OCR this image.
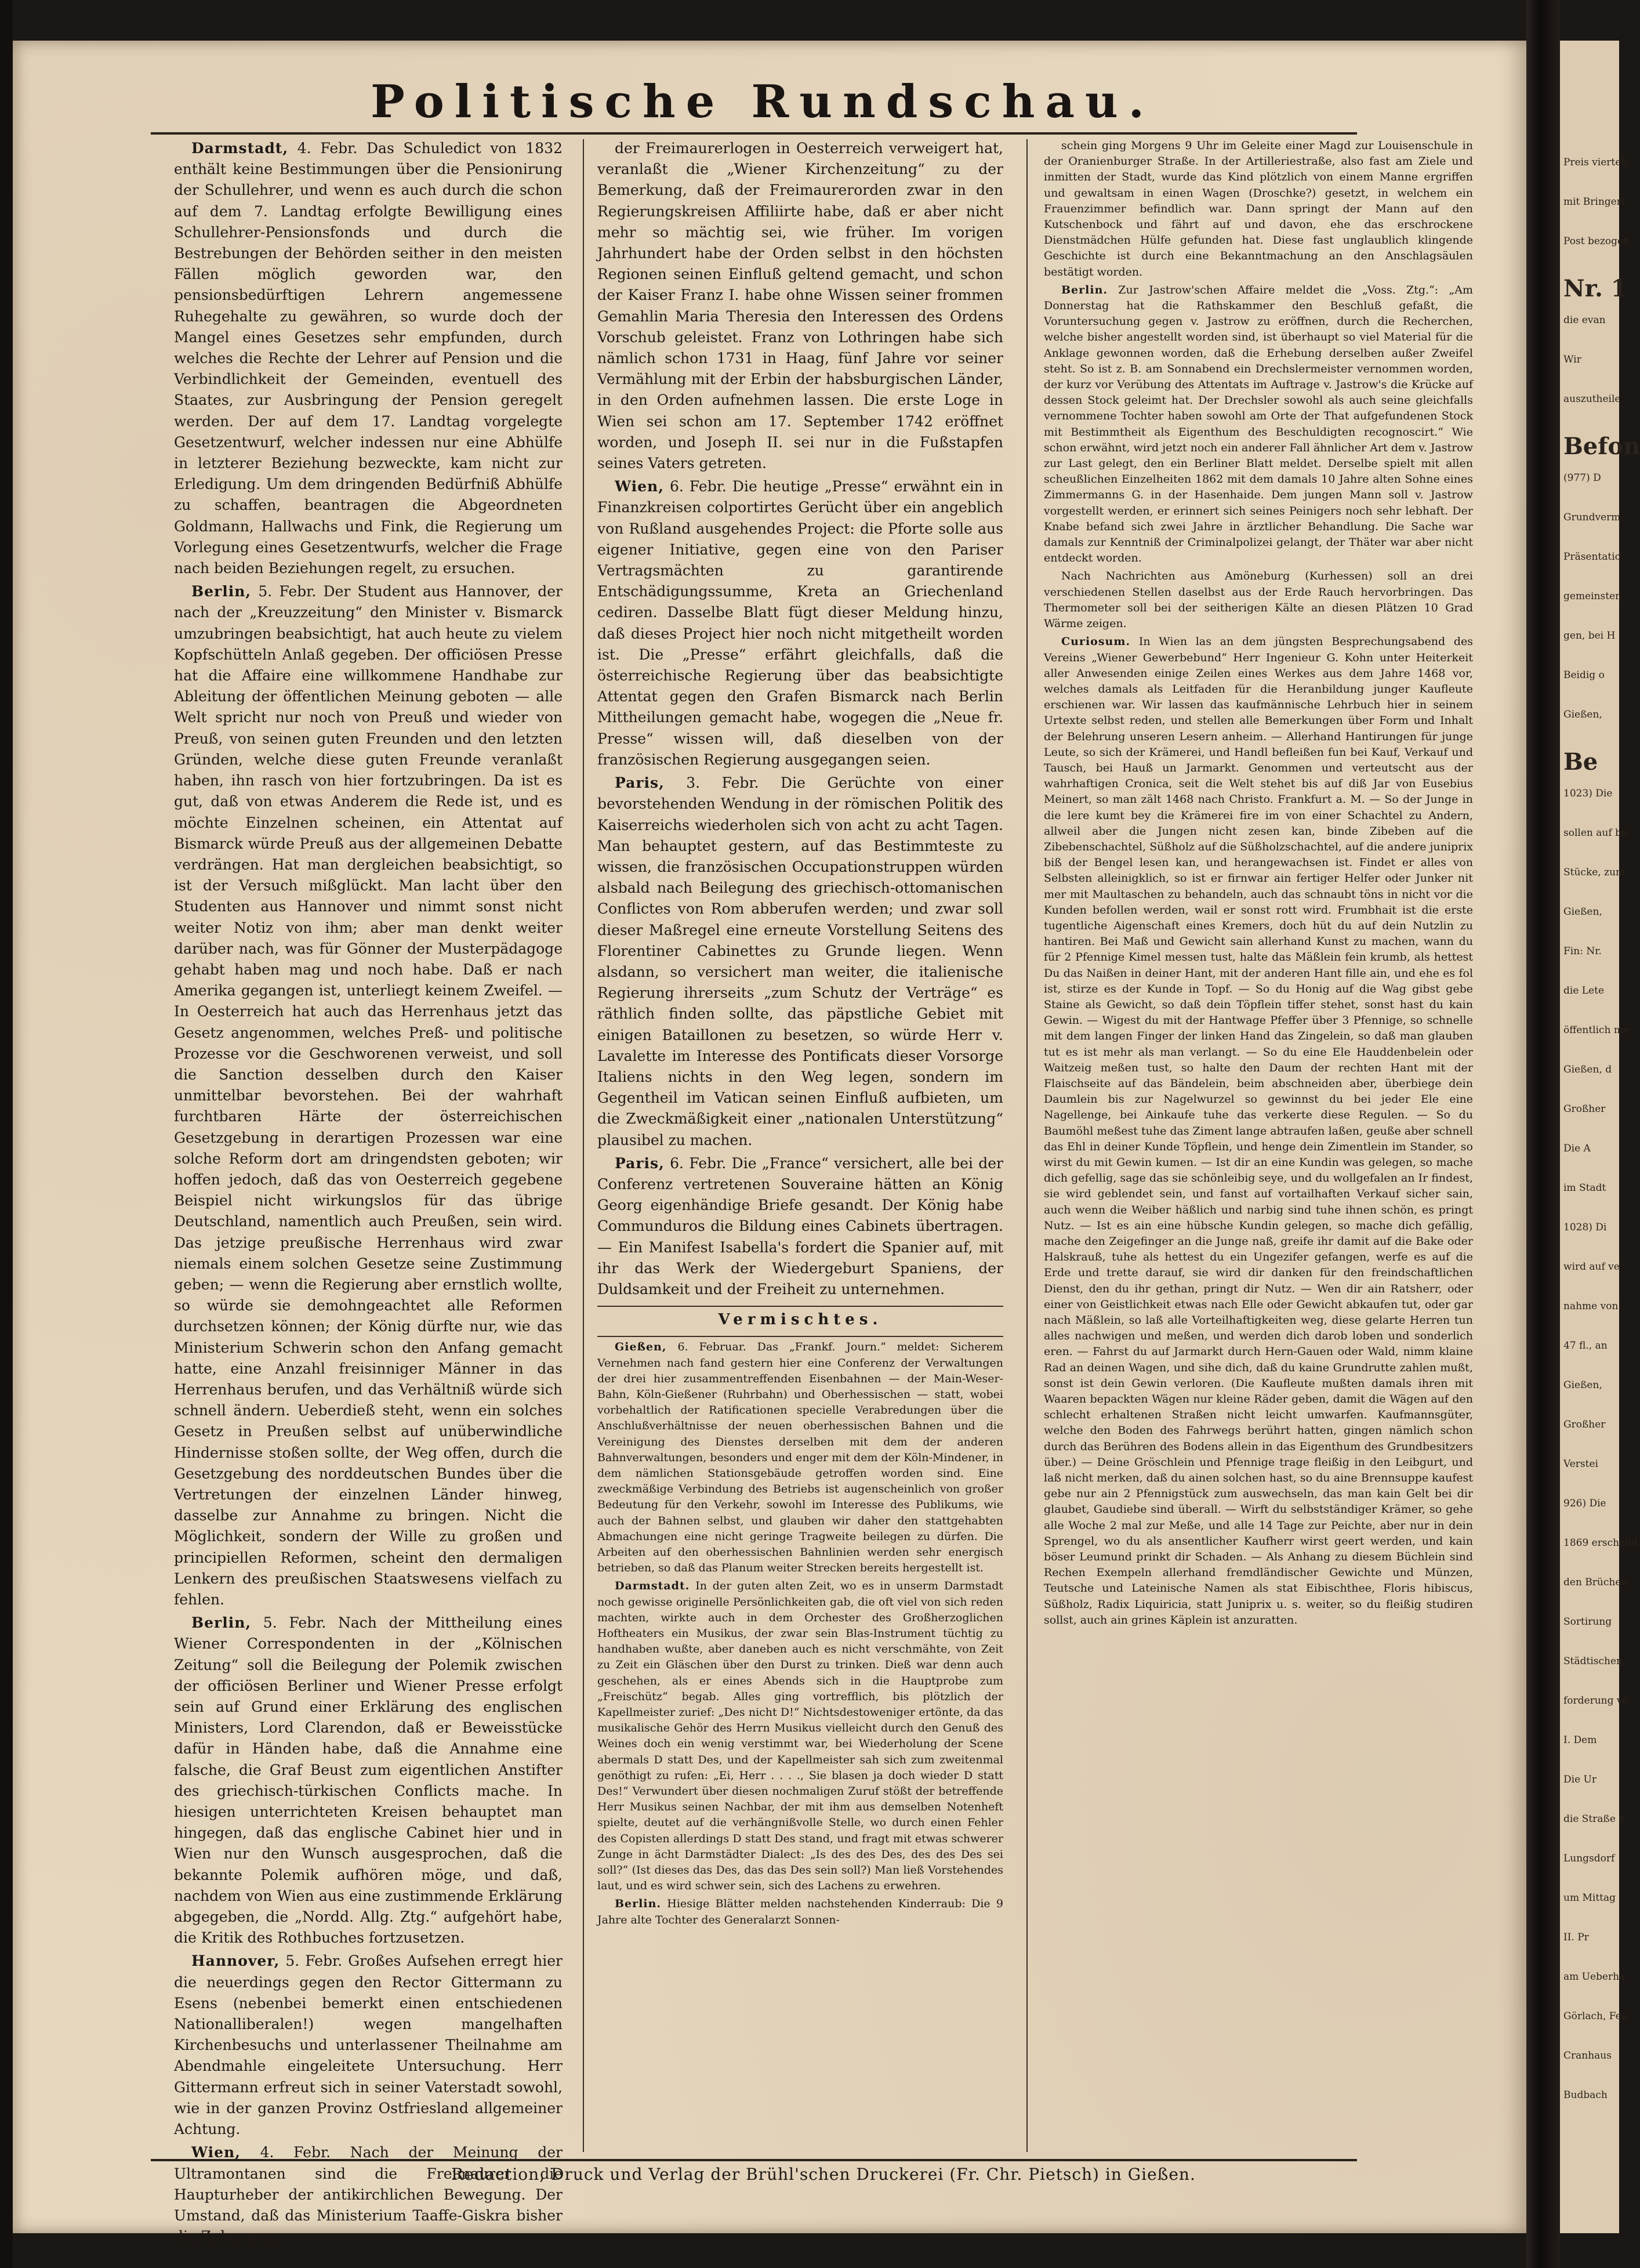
Politische Rundschau.

Darmstadt, 4. Febr. Das Schuledict von 1832 enthält keine Bestimmungen über die Pensionirung der Schullehrer, und wenn es auch durch die schon auf dem 7. Landtag erfolgte Bewilligung eines Schullehrer-Pensionsfonds und durch die Bestrebungen der Behörden seither in den meisten Fällen möglich geworden war, den pensionsbedürftigen Lehrern angemessene Ruhegehalte zu gewähren, so wurde doch der Mangel eines Gesetzes sehr empfunden, durch welches die Rechte der Lehrer auf Pension und die Verbindlichkeit der Gemeinden, eventuell des Staates, zur Ausbringung der Pension geregelt werden. Der auf dem 17. Landtag vorgelegte Gesetzentwurf, welcher indessen nur eine Abhülfe in letzterer Beziehung bezweckte, kam nicht zur Erledigung. Um dem dringenden Bedürfniß Abhülfe zu schaffen, beantragen die Abgeordneten Goldmann, Hallwachs und Fink, die Regierung um Vorlegung eines Gesetzentwurfs, welcher die Frage nach beiden Beziehungen regelt, zu ersuchen.

Berlin, 5. Febr. Der Student aus Hannover, der nach der „Kreuzzeitung“ den Minister v. Bismarck umzubringen beabsichtigt, hat auch heute zu vielem Kopfschütteln Anlaß gegeben. Der officiösen Presse hat die Affaire eine willkommene Handhabe zur Ableitung der öffentlichen Meinung geboten — alle Welt spricht nur noch von Preuß und wieder von Preuß, von seinen guten Freunden und den letzten Gründen, welche diese guten Freunde veranlaßt haben, ihn rasch von hier fortzubringen. Da ist es gut, daß von etwas Anderem die Rede ist, und es möchte Einzelnen scheinen, ein Attentat auf Bismarck würde Preuß aus der allgemeinen Debatte verdrängen. Hat man dergleichen beabsichtigt, so ist der Versuch mißglückt. Man lacht über den Studenten aus Hannover und nimmt sonst nicht weiter Notiz von ihm; aber man denkt weiter darüber nach, was für Gönner der Musterpädagoge gehabt haben mag und noch habe. Daß er nach Amerika gegangen ist, unterliegt keinem Zweifel. — In Oesterreich hat auch das Herrenhaus jetzt das Gesetz angenommen, welches Preß- und politische Prozesse vor die Geschworenen verweist, und soll die Sanction desselben durch den Kaiser unmittelbar bevorstehen. Bei der wahrhaft furchtbaren Härte der österreichischen Gesetzgebung in derartigen Prozessen war eine solche Reform dort am dringendsten geboten; wir hoffen jedoch, daß das von Oesterreich gegebene Beispiel nicht wirkungslos für das übrige Deutschland, namentlich auch Preußen, sein wird. Das jetzige preußische Herrenhaus wird zwar niemals einem solchen Gesetze seine Zustimmung geben; — wenn die Regierung aber ernstlich wollte, so würde sie demohngeachtet alle Reformen durchsetzen können; der König dürfte nur, wie das Ministerium Schwerin schon den Anfang gemacht hatte, eine Anzahl freisinniger Männer in das Herrenhaus berufen, und das Verhältniß würde sich schnell ändern. Ueberdieß steht, wenn ein solches Gesetz in Preußen selbst auf unüberwindliche Hindernisse stoßen sollte, der Weg offen, durch die Gesetzgebung des norddeutschen Bundes über die Vertretungen der einzelnen Länder hinweg, dasselbe zur Annahme zu bringen. Nicht die Möglichkeit, sondern der Wille zu großen und principiellen Reformen, scheint den dermaligen Lenkern des preußischen Staatswesens vielfach zu fehlen.

Berlin, 5. Febr. Nach der Mittheilung eines Wiener Correspondenten in der „Kölnischen Zeitung“ soll die Beilegung der Polemik zwischen der officiösen Berliner und Wiener Presse erfolgt sein auf Grund einer Erklärung des englischen Ministers, Lord Clarendon, daß er Beweisstücke dafür in Händen habe, daß die Annahme eine falsche, die Graf Beust zum eigentlichen Anstifter des griechisch-türkischen Conflicts mache. In hiesigen unterrichteten Kreisen behauptet man hingegen, daß das englische Cabinet hier und in Wien nur den Wunsch ausgesprochen, daß die bekannte Polemik aufhören möge, und daß, nachdem von Wien aus eine zustimmende Erklärung abgegeben, die „Nordd. Allg. Ztg.“ aufgehört habe, die Kritik des Rothbuches fortzusetzen.

Hannover, 5. Febr. Großes Aufsehen erregt hier die neuerdings gegen den Rector Gittermann zu Esens (nebenbei bemerkt einen entschiedenen Nationalliberalen!) wegen mangelhaften Kirchenbesuchs und unterlassener Theilnahme am Abendmahle eingeleitete Untersuchung. Herr Gittermann erfreut sich in seiner Vaterstadt sowohl, wie in der ganzen Provinz Ostfriesland allgemeiner Achtung.

Wien, 4. Febr. Nach der Meinung der Ultramontanen sind die Freimaurer die Haupturheber der antikirchlichen Bewegung. Der Umstand, daß das Ministerium Taaffe-Giskra bisher die Zulassung

der Freimaurerlogen in Oesterreich verweigert hat, veranlaßt die „Wiener Kirchenzeitung“ zu der Bemerkung, daß der Freimaurerorden zwar in den Regierungskreisen Affiliirte habe, daß er aber nicht mehr so mächtig sei, wie früher. Im vorigen Jahrhundert habe der Orden selbst in den höchsten Regionen seinen Einfluß geltend gemacht, und schon der Kaiser Franz I. habe ohne Wissen seiner frommen Gemahlin Maria Theresia den Interessen des Ordens Vorschub geleistet. Franz von Lothringen habe sich nämlich schon 1731 in Haag, fünf Jahre vor seiner Vermählung mit der Erbin der habsburgischen Länder, in den Orden aufnehmen lassen. Die erste Loge in Wien sei schon am 17. September 1742 eröffnet worden, und Joseph II. sei nur in die Fußstapfen seines Vaters getreten.

Wien, 6. Febr. Die heutige „Presse“ erwähnt ein in Finanzkreisen colportirtes Gerücht über ein angeblich von Rußland ausgehendes Project: die Pforte solle aus eigener Initiative, gegen eine von den Pariser Vertragsmächten zu garantirende Entschädigungssumme, Kreta an Griechenland cediren. Dasselbe Blatt fügt dieser Meldung hinzu, daß dieses Project hier noch nicht mitgetheilt worden ist. Die „Presse“ erfährt gleichfalls, daß die österreichische Regierung über das beabsichtigte Attentat gegen den Grafen Bismarck nach Berlin Mittheilungen gemacht habe, wogegen die „Neue fr. Presse“ wissen will, daß dieselben von der französischen Regierung ausgegangen seien.

Paris, 3. Febr. Die Gerüchte von einer bevorstehenden Wendung in der römischen Politik des Kaiserreichs wiederholen sich von acht zu acht Tagen. Man behauptet gestern, auf das Bestimmteste zu wissen, die französischen Occupationstruppen würden alsbald nach Beilegung des griechisch-ottomanischen Conflictes von Rom abberufen werden; und zwar soll dieser Maßregel eine erneute Vorstellung Seitens des Florentiner Cabinettes zu Grunde liegen. Wenn alsdann, so versichert man weiter, die italienische Regierung ihrerseits „zum Schutz der Verträge“ es räthlich finden sollte, das päpstliche Gebiet mit einigen Bataillonen zu besetzen, so würde Herr v. Lavalette im Interesse des Pontificats dieser Vorsorge Italiens nichts in den Weg legen, sondern im Gegentheil im Vatican seinen Einfluß aufbieten, um die Zweckmäßigkeit einer „nationalen Unterstützung“ plausibel zu machen.

Paris, 6. Febr. Die „France“ versichert, alle bei der Conferenz vertretenen Souveraine hätten an König Georg eigenhändige Briefe gesandt. Der König habe Communduros die Bildung eines Cabinets übertragen. — Ein Manifest Isabella's fordert die Spanier auf, mit ihr das Werk der Wiedergeburt Spaniens, der Duldsamkeit und der Freiheit zu unternehmen.

Vermischtes.

Gießen, 6. Februar. Das „Frankf. Journ.“ meldet: Sicherem Vernehmen nach fand gestern hier eine Conferenz der Verwaltungen der drei hier zusammentreffenden Eisenbahnen — der Main-Weser-Bahn, Köln-Gießener (Ruhrbahn) und Oberhessischen — statt, wobei vorbehaltlich der Ratificationen specielle Verabredungen über die Anschlußverhältnisse der neuen oberhessischen Bahnen und die Vereinigung des Dienstes derselben mit dem der anderen Bahnverwaltungen, besonders und enger mit dem der Köln-Mindener, in dem nämlichen Stationsgebäude getroffen worden sind. Eine zweckmäßige Verbindung des Betriebs ist augenscheinlich von großer Bedeutung für den Verkehr, sowohl im Interesse des Publikums, wie auch der Bahnen selbst, und glauben wir daher den stattgehabten Abmachungen eine nicht geringe Tragweite beilegen zu dürfen. Die Arbeiten auf den oberhessischen Bahnlinien werden sehr energisch betrieben, so daß das Planum weiter Strecken bereits hergestellt ist.

Darmstadt. In der guten alten Zeit, wo es in unserm Darmstadt noch gewisse originelle Persönlichkeiten gab, die oft viel von sich reden machten, wirkte auch in dem Orchester des Großherzoglichen Hoftheaters ein Musikus, der zwar sein Blas-Instrument tüchtig zu handhaben wußte, aber daneben auch es nicht verschmähte, von Zeit zu Zeit ein Gläschen über den Durst zu trinken. Dieß war denn auch geschehen, als er eines Abends sich in die Hauptprobe zum „Freischütz“ begab. Alles ging vortrefflich, bis plötzlich der Kapellmeister zurief: „Des nicht D!“ Nichtsdestoweniger ertönte, da das musikalische Gehör des Herrn Musikus vielleicht durch den Genuß des Weines doch ein wenig verstimmt war, bei Wiederholung der Scene abermals D statt Des, und der Kapellmeister sah sich zum zweitenmal genöthigt zu rufen: „Ei, Herr . . . ., Sie blasen ja doch wieder D statt Des!“ Verwundert über diesen nochmaligen Zuruf stößt der betreffende Herr Musikus seinen Nachbar, der mit ihm aus demselben Notenheft spielte, deutet auf die verhängnißvolle Stelle, wo durch einen Fehler des Copisten allerdings D statt Des stand, und fragt mit etwas schwerer Zunge in ächt Darmstädter Dialect: „Is des des Des, des des Des sei soll?“ (Ist dieses das Des, das das Des sein soll?) Man ließ Vorstehendes laut, und es wird schwer sein, sich des Lachens zu erwehren.

Berlin. Hiesige Blätter melden nachstehenden Kinderraub: Die 9 Jahre alte Tochter des Generalarzt Sonnen-

schein ging Morgens 9 Uhr im Geleite einer Magd zur Louisenschule in der Oranienburger Straße. In der Artilleriestraße, also fast am Ziele und inmitten der Stadt, wurde das Kind plötzlich von einem Manne ergriffen und gewaltsam in einen Wagen (Droschke?) gesetzt, in welchem ein Frauenzimmer befindlich war. Dann springt der Mann auf den Kutschenbock und fährt auf und davon, ehe das erschrockene Dienstmädchen Hülfe gefunden hat. Diese fast unglaublich klingende Geschichte ist durch eine Bekanntmachung an den Anschlagsäulen bestätigt worden.

Berlin. Zur Jastrow'schen Affaire meldet die „Voss. Ztg.“: „Am Donnerstag hat die Rathskammer den Beschluß gefaßt, die Voruntersuchung gegen v. Jastrow zu eröffnen, durch die Recherchen, welche bisher angestellt worden sind, ist überhaupt so viel Material für die Anklage gewonnen worden, daß die Erhebung derselben außer Zweifel steht. So ist z. B. am Sonnabend ein Drechslermeister vernommen worden, der kurz vor Verübung des Attentats im Auftrage v. Jastrow's die Krücke auf dessen Stock geleimt hat. Der Drechsler sowohl als auch seine gleichfalls vernommene Tochter haben sowohl am Orte der That aufgefundenen Stock mit Bestimmtheit als Eigenthum des Beschuldigten recognoscirt.“ Wie schon erwähnt, wird jetzt noch ein anderer Fall ähnlicher Art dem v. Jastrow zur Last gelegt, den ein Berliner Blatt meldet. Derselbe spielt mit allen scheußlichen Einzelheiten 1862 mit dem damals 10 Jahre alten Sohne eines Zimmermanns G. in der Hasenhaide. Dem jungen Mann soll v. Jastrow vorgestellt werden, er erinnert sich seines Peinigers noch sehr lebhaft. Der Knabe befand sich zwei Jahre in ärztlicher Behandlung. Die Sache war damals zur Kenntniß der Criminalpolizei gelangt, der Thäter war aber nicht entdeckt worden.

Nach Nachrichten aus Amöneburg (Kurhessen) soll an drei verschiedenen Stellen daselbst aus der Erde Rauch hervorbringen. Das Thermometer soll bei der seitherigen Kälte an diesen Plätzen 10 Grad Wärme zeigen.

Curiosum. In Wien las an dem jüngsten Besprechungsabend des Vereins „Wiener Gewerbebund“ Herr Ingenieur G. Kohn unter Heiterkeit aller Anwesenden einige Zeilen eines Werkes aus dem Jahre 1468 vor, welches damals als Leitfaden für die Heranbildung junger Kaufleute erschienen war. Wir lassen das kaufmännische Lehrbuch hier in seinem Urtexte selbst reden, und stellen alle Bemerkungen über Form und Inhalt der Belehrung unseren Lesern anheim. — Allerhand Hantirungen für junge Leute, so sich der Krämerei, und Handl befleißen fun bei Kauf, Verkauf und Tausch, bei Hauß un Jarmarkt. Genommen und verteutscht aus der wahrhaftigen Cronica, seit die Welt stehet bis auf diß Jar von Eusebius Meinert, so man zält 1468 nach Christo. Frankfurt a. M. — So der Junge in die lere kumt bey die Krämerei fire im von einer Schachtel zu Andern, allweil aber die Jungen nicht zesen kan, binde Zibeben auf die Zibebenschachtel, Süßholz auf die Süßholzschachtel, auf die andere juniprix biß der Bengel lesen kan, und herangewachsen ist. Findet er alles von Selbsten alleinigklich, so ist er firnwar ain fertiger Helfer oder Junker nit mer mit Maultaschen zu behandeln, auch das schnaubt töns in nicht vor die Kunden befollen werden, wail er sonst rott wird. Frumbhait ist die erste tugentliche Aigenschaft eines Kremers, doch hüt du auf dein Nutzlin zu hantiren. Bei Maß und Gewicht sain allerhand Kunst zu machen, wann du für 2 Pfennige Kimel messen tust, halte das Mäßlein fein krumb, als hettest Du das Naißen in deiner Hant, mit der anderen Hant fille ain, und ehe es fol ist, stirze es der Kunde in Topf. — So du Honig auf die Wag gibst gebe Staine als Gewicht, so daß dein Töpflein tiffer stehet, sonst hast du kain Gewin. — Wigest du mit der Hantwage Pfeffer über 3 Pfennige, so schnelle mit dem langen Finger der linken Hand das Zingelein, so daß man glauben tut es ist mehr als man verlangt. — So du eine Ele Hauddenbelein oder Waitzeig meßen tust, so halte den Daum der rechten Hant mit der Flaischseite auf das Bändelein, beim abschneiden aber, überbiege dein Daumlein bis zur Nagelwurzel so gewinnst du bei jeder Ele eine Nagellenge, bei Ainkaufe tuhe das verkerte diese Regulen. — So du Baumöhl meßest tuhe das Ziment lange abtraufen laßen, geuße aber schnell das Ehl in deiner Kunde Töpflein, und henge dein Zimentlein im Stander, so wirst du mit Gewin kumen. — Ist dir an eine Kundin was gelegen, so mache dich gefellig, sage das sie schönleibig seye, und du wollgefalen an Ir findest, sie wird geblendet sein, und fanst auf vortailhaften Verkauf sicher sain, auch wenn die Weiber häßlich und narbig sind tuhe ihnen schön, es pringt Nutz. — Ist es ain eine hübsche Kundin gelegen, so mache dich gefällig, mache den Zeigefinger an die Junge naß, greife ihr damit auf die Bake oder Halskrauß, tuhe als hettest du ein Ungezifer gefangen, werfe es auf die Erde und trette darauf, sie wird dir danken für den freindschaftlichen Dienst, den du ihr gethan, pringt dir Nutz. — Wen dir ain Ratsherr, oder einer von Geistlichkeit etwas nach Elle oder Gewicht abkaufen tut, oder gar nach Mäßlein, so laß alle Vorteilhaftigkeiten weg, diese gelarte Herren tun alles nachwigen und meßen, und werden dich darob loben und sonderlich eren. — Fahrst du auf Jarmarkt durch Hern-Gauen oder Wald, nimm klaine Rad an deinen Wagen, und sihe dich, daß du kaine Grundrutte zahlen mußt, sonst ist dein Gewin verloren. (Die Kaufleute mußten damals ihren mit Waaren bepackten Wägen nur kleine Räder geben, damit die Wägen auf den schlecht erhaltenen Straßen nicht leicht umwarfen. Kaufmannsgüter, welche den Boden des Fahrwegs berührt hatten, gingen nämlich schon durch das Berühren des Bodens allein in das Eigenthum des Grundbesitzers über.) — Deine Gröschlein und Pfennige trage fleißig in den Leibgurt, und laß nicht merken, daß du ainen solchen hast, so du aine Brennsuppe kaufest gebe nur ain 2 Pfennigstück zum auswechseln, das man kain Gelt bei dir glaubet, Gaudiebe sind überall. — Wirft du selbstständiger Krämer, so gehe alle Woche 2 mal zur Meße, und alle 14 Tage zur Peichte, aber nur in dein Sprengel, wo du als ansentlicher Kaufherr wirst geert werden, und kain böser Leumund prinkt dir Schaden. — Als Anhang zu diesem Büchlein sind Rechen Exempeln allerhand fremdländischer Gewichte und Münzen, Teutsche und Lateinische Namen als stat Eibischthee, Floris hibiscus, Süßholz, Radix Liquiricia, statt Juniprix u. s. weiter, so du fleißig studiren sollst, auch ain grines Käplein ist anzuratten.

Redaction, Druck und Verlag der Brühl'schen Druckerei (Fr. Chr. Pietsch) in Gießen.
Preis viertelj.
mit Bringerl.
Post bezogen
Nr. 1
die evan
Wir
auszutheile
Befon
(977) D
Grundverm
Präsentatio
gemeinsten
gen, bei H
Beidig o
Gießen,
Be
1023) Die
sollen auf be
Stücke, zum
Gießen,
Fin: Nr.
die Lete
öffentlich me
Gießen, d
Großher
Die A
im Stadt
1028) Di
wird auf ve
nahme von
47 fl., an
Gießen,
Großher
Verstei
926) Die
1869 erscheint
den Brüchen
Sortirung
Städtischen
forderung ve
I. Dem
Die Ur
die Straße z
Lungsdorf
um Mittag
II. Pr
am Ueberha
Görlach, Feu
Cranhaus
Budbach
